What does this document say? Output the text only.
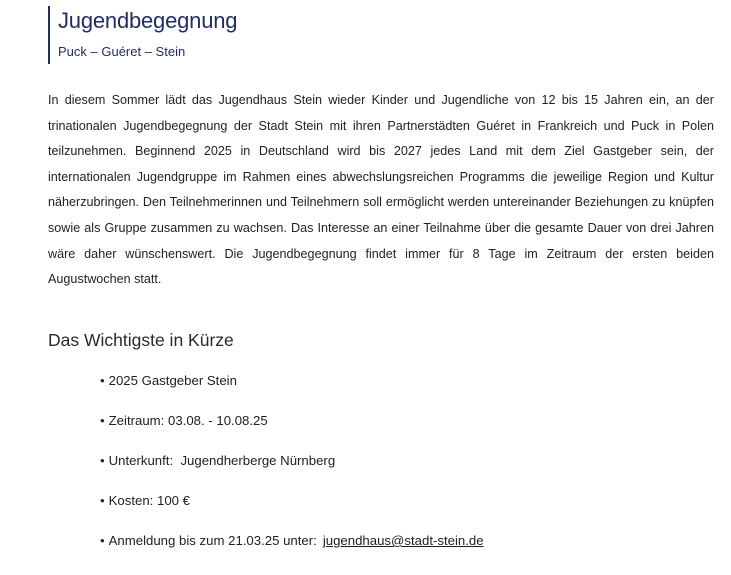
Jugendbegegnung
Puck – Guéret – Stein

In diesem Sommer lädt das Jugendhaus Stein wieder Kinder und Jugendliche von 12 bis 15 Jahren ein, an der trinationalen Jugendbegegnung der Stadt Stein mit ihren Partnerstädten Guéret in Frankreich und Puck in Polen teilzunehmen. Beginnend 2025 in Deutschland wird bis 2027 jedes Land mit dem Ziel Gastgeber sein, der internationalen Jugendgruppe im Rahmen eines abwechslungsreichen Programms die jeweilige Region und Kultur näherzubringen. Den Teilnehmerinnen und Teilnehmern soll ermöglicht werden untereinander Beziehungen zu knüpfen sowie als Gruppe zusammen zu wachsen. Das Interesse an einer Teilnahme über die gesamte Dauer von drei Jahren wäre daher wünschenswert. Die Jugendbegegnung findet immer für 8 Tage im Zeitraum der ersten beiden Augustwochen statt.

Das Wichtigste in Kürze
• 2025 Gastgeber Stein
• Zeitraum: 03.08. - 10.08.25
• Unterkunft:  Jugendherberge Nürnberg
• Kosten: 100 €
• Anmeldung bis zum 21.03.25 unter: jugendhaus@stadt-stein.de
